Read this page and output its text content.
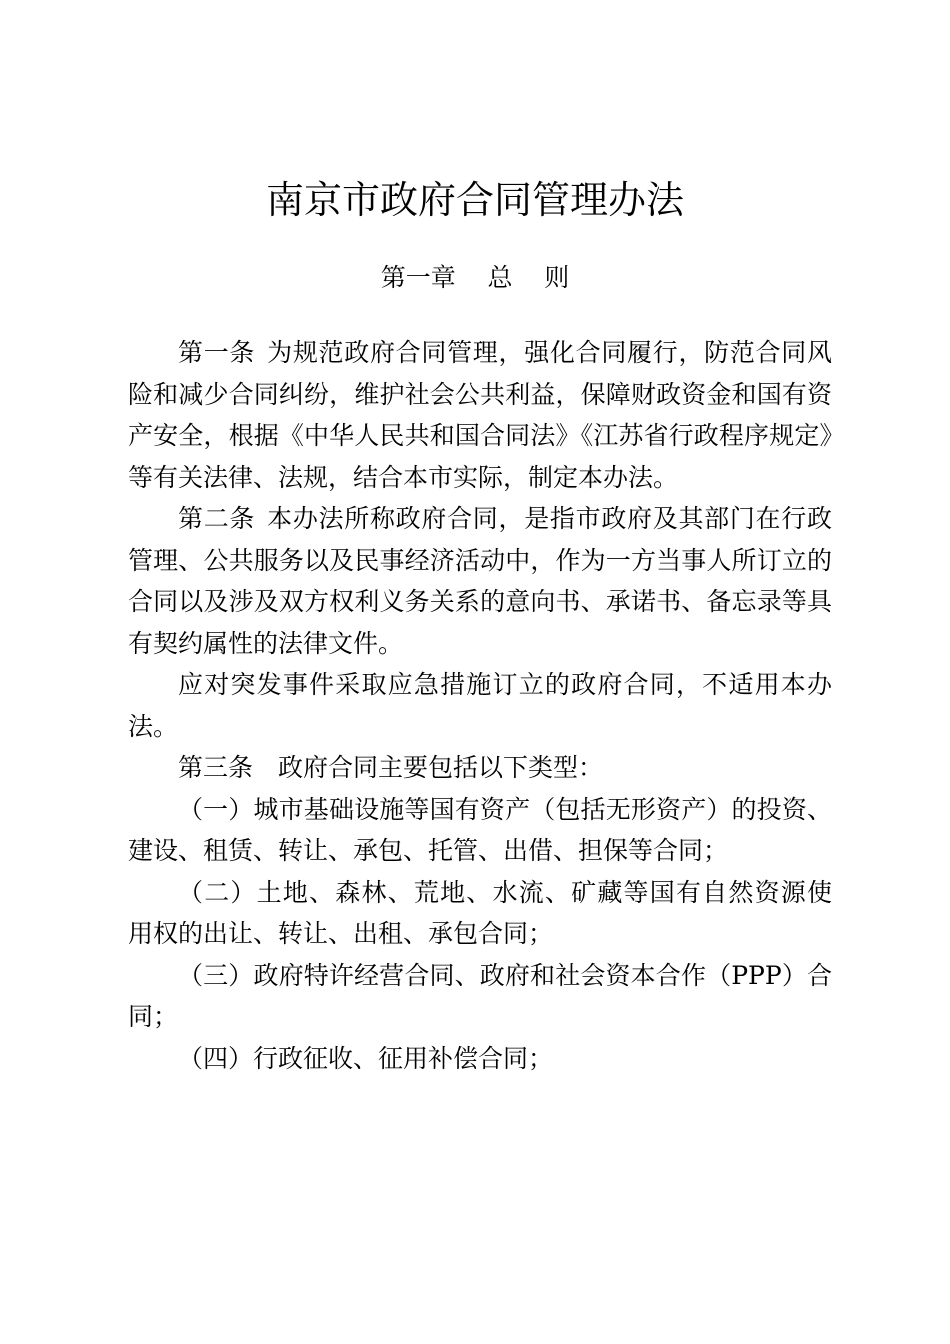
南京市政府合同管理办法
第一章    总    则

第一条 为规范政府合同管理，强化合同履行，防范合同风险和减少合同纠纷，维护社会公共利益，保障财政资金和国有资产安全，根据《中华人民共和国合同法》《江苏省行政程序规定》等有关法律、法规，结合本市实际，制定本办法。

第二条 本办法所称政府合同，是指市政府及其部门在行政管理、公共服务以及民事经济活动中，作为一方当事人所订立的合同以及涉及双方权利义务关系的意向书、承诺书、备忘录等具有契约属性的法律文件。

应对突发事件采取应急措施订立的政府合同，不适用本办法。

第三条 政府合同主要包括以下类型：

（一）城市基础设施等国有资产（包括无形资产）的投资、建设、租赁、转让、承包、托管、出借、担保等合同；

（二）土地、森林、荒地、水流、矿藏等国有自然资源使 用权的出让、转让、出租、承包合同；

（三）政府特许经营合同、政府和社会资本合作（PPP）合同；

（四）行政征收、征用补偿合同；
